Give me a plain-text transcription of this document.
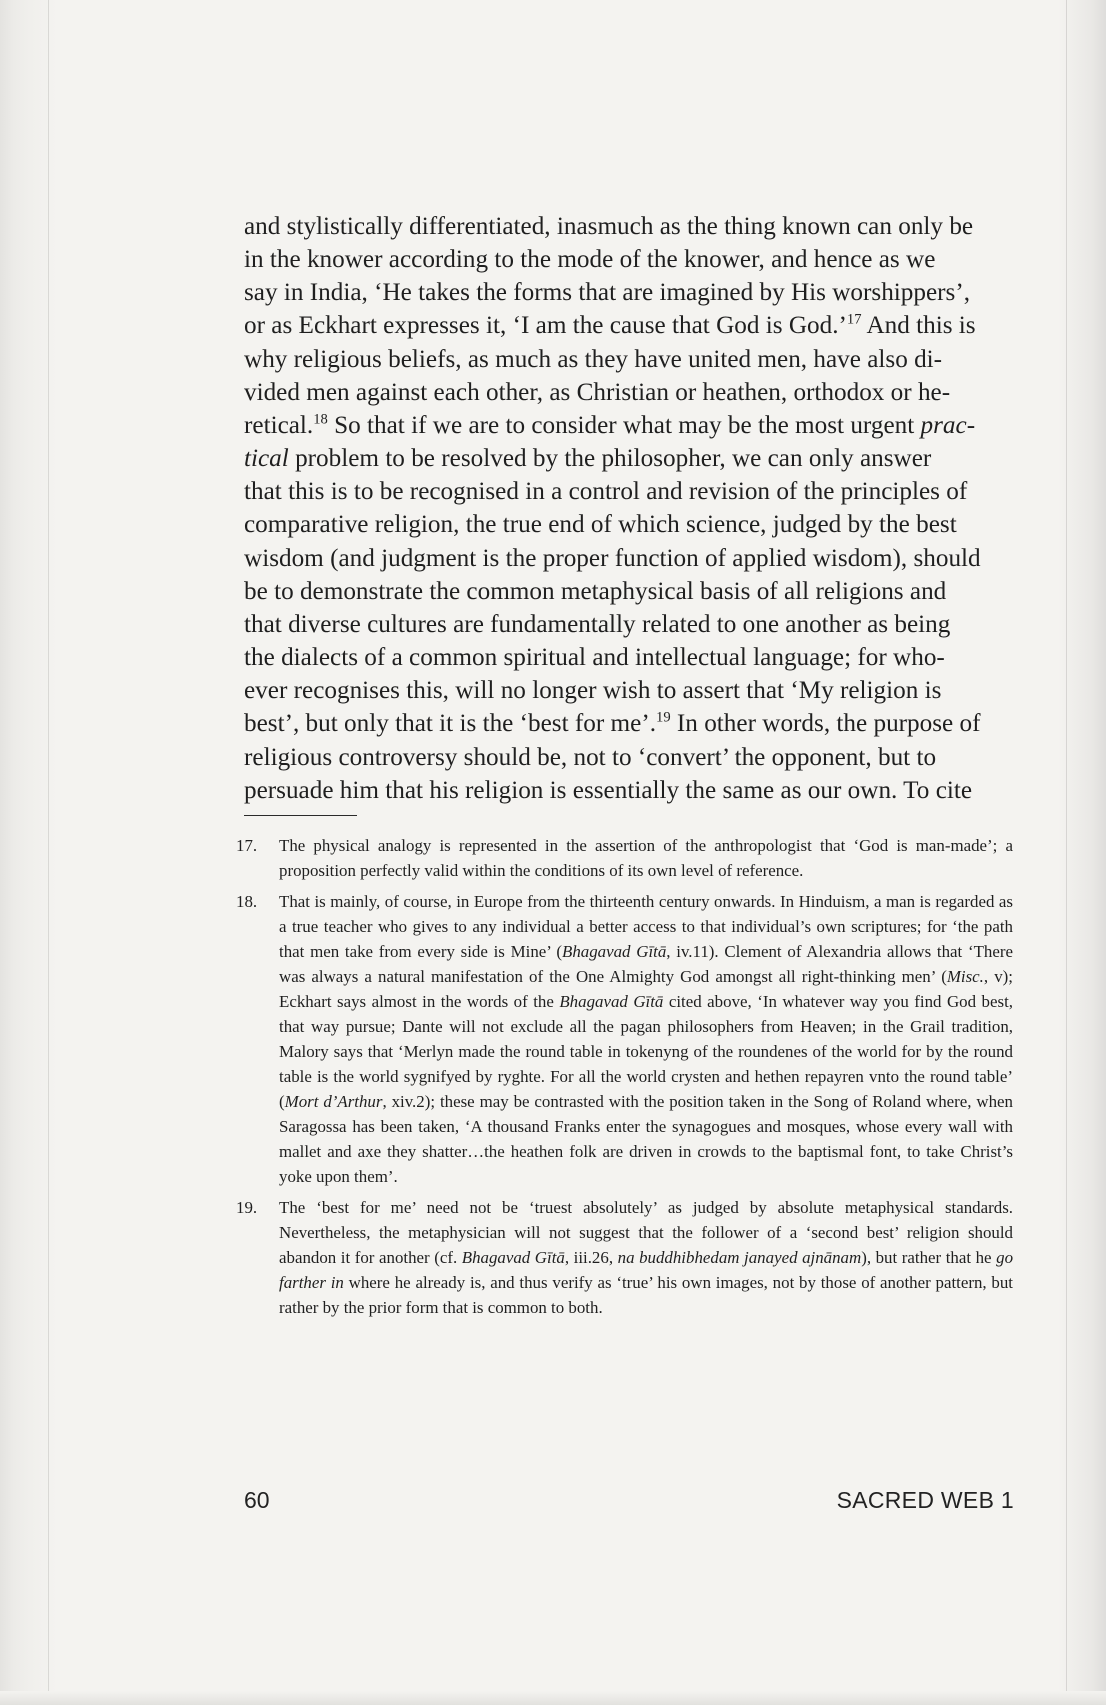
and stylistically differentiated, inasmuch as the thing known can only be
in the knower according to the mode of the knower, and hence as we
say in India, ‘He takes the forms that are imagined by His worshippers’,
or as Eckhart expresses it, ‘I am the cause that God is God.’$^{17}$ And this is
why religious beliefs, as much as they have united men, have also di-
vided men against each other, as Christian or heathen, orthodox or he-
retical.$^{18}$ So that if we are to consider what may be the most urgent prac-
tical problem to be resolved by the philosopher, we can only answer
that this is to be recognised in a control and revision of the principles of
comparative religion, the true end of which science, judged by the best
wisdom (and judgment is the proper function of applied wisdom), should
be to demonstrate the common metaphysical basis of all religions and
that diverse cultures are fundamentally related to one another as being
the dialects of a common spiritual and intellectual language; for who-
ever recognises this, will no longer wish to assert that ‘My religion is
best’, but only that it is the ‘best for me’.$^{19}$ In other words, the purpose of
religious controversy should be, not to ‘convert’ the opponent, but to
persuade him that his religion is essentially the same as our own. To cite

17. The physical analogy is represented in the assertion of the anthropologist that ‘God is man-made’; a proposition perfectly valid within the conditions of its own level of reference.

18. That is mainly, of course, in Europe from the thirteenth century onwards. In Hinduism, a man is regarded as a true teacher who gives to any individual a better access to that individual’s own scriptures; for ‘the path that men take from every side is Mine’ (Bhagavad Gītā, iv.11). Clement of Alexandria allows that ‘There was always a natural manifestation of the One Almighty God amongst all right-thinking men’ (Misc., v); Eckhart says almost in the words of the Bhagavad Gītā cited above, ‘In whatever way you find God best, that way pursue; Dante will not exclude all the pagan philosophers from Heaven; in the Grail tradition, Malory says that ‘Merlyn made the round table in tokenyng of the roundenes of the world for by the round table is the world sygnifyed by ryghte. For all the world crysten and hethen repayren vnto the round table’ (Mort d’Arthur, xiv.2); these may be contrasted with the position taken in the Song of Roland where, when Saragossa has been taken, ‘A thousand Franks enter the synagogues and mosques, whose every wall with mallet and axe they shatter…the heathen folk are driven in crowds to the baptismal font, to take Christ’s yoke upon them’.

19. The ‘best for me’ need not be ‘truest absolutely’ as judged by absolute metaphysical standards. Nevertheless, the metaphysician will not suggest that the follower of a ‘second best’ religion should abandon it for another (cf. Bhagavad Gītā, iii.26, na buddhibhedam janayed ajnānam), but rather that he go farther in where he already is, and thus verify as ‘true’ his own images, not by those of another pattern, but rather by the prior form that is common to both.

60	SACRED WEB 1
